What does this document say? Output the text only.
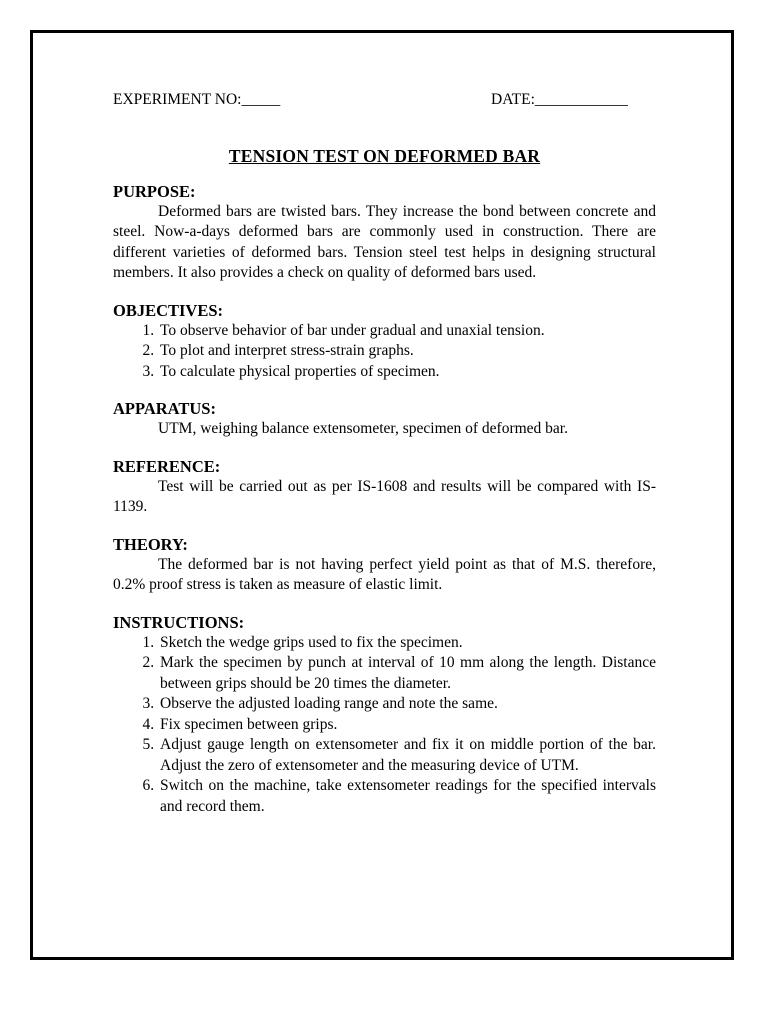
EXPERIMENT NO:_____	DATE:____________
TENSION TEST ON DEFORMED BAR
PURPOSE:

Deformed bars are twisted bars. They increase the bond between concrete and steel. Now-a-days deformed bars are commonly used in construction. There are different varieties of deformed bars. Tension steel test helps in designing structural members. It also provides a check on quality of deformed bars used.

OBJECTIVES:
1. To observe behavior of bar under gradual and unaxial tension.
2. To plot and interpret stress-strain graphs.
3. To calculate physical properties of specimen.
APPARATUS:

UTM, weighing balance extensometer, specimen of deformed bar.

REFERENCE:

Test will be carried out as per IS-1608 and results will be compared with IS-1139.

THEORY:

The deformed bar is not having perfect yield point as that of M.S. therefore, 0.2% proof stress is taken as measure of elastic limit.

INSTRUCTIONS:
1. Sketch the wedge grips used to fix the specimen.
2. Mark the specimen by punch at interval of 10 mm along the length. Distance between grips should be 20 times the diameter.
3. Observe the adjusted loading range and note the same.
4. Fix specimen between grips.
5. Adjust gauge length on extensometer and fix it on middle portion of the bar. Adjust the zero of extensometer and the measuring device of UTM.
6. Switch on the machine, take extensometer readings for the specified intervals and record them.
